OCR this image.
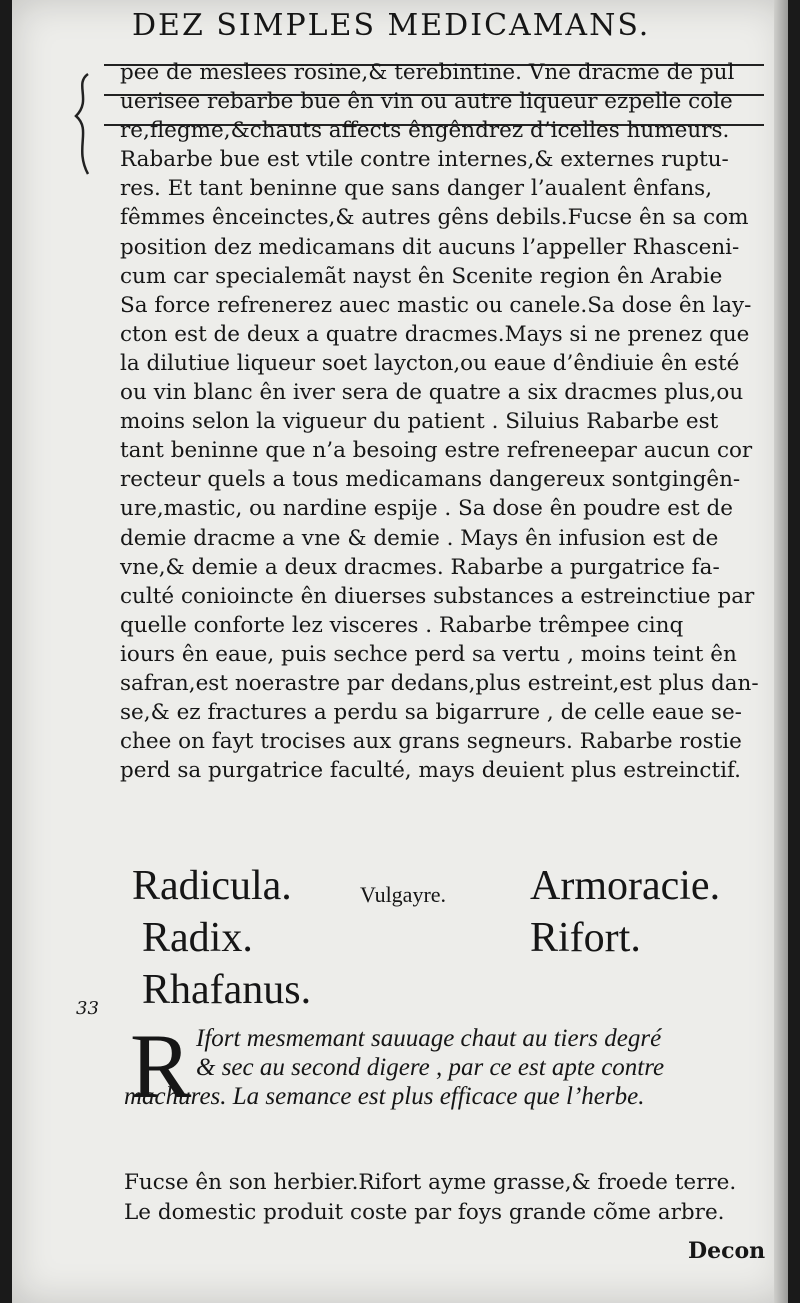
DEZ SIMPLES MEDICAMANS.
pee de meslees rosine,& terebintine. Vne dracme de pul
uerisee rebarbe bue ên vin ou autre liqueur ezpelle cole
re,flegme,&chauts affects êngêndrez d’icelles humeurs.
Rabarbe bue est vtile contre internes,& externes ruptu-
res. Et tant beninne que sans danger l’aualent ênfans,
fêmmes ênceinctes,& autres gêns debils.Fucse ên sa com
position dez medicamans dit aucuns l’appeller Rhasceni-
cum car specialemãt nayst ên Scenite region ên Arabie
Sa force refrenerez auec mastic ou canele.Sa dose ên lay-
cton est de deux a quatre dracmes.Mays si ne prenez que
la dilutiue liqueur soet laycton,ou eaue d’êndiuie ên esté
ou vin blanc ên iver sera de quatre a six dracmes plus,ou
moins selon la vigueur du patient . Siluius Rabarbe est
tant beninne que n’a besoing estre refreneepar aucun cor
recteur quels a tous medicamans dangereux sontgingên-
ure,mastic, ou nardine espije . Sa dose ên poudre est de
demie dracme a vne & demie . Mays ên infusion est de
vne,& demie a deux dracmes. Rabarbe a purgatrice fa-
culté conioincte ên diuerses substances a estreinctiue par
quelle conforte lez visceres . Rabarbe trêmpee cinq
iours ên eaue, puis sechce perd sa vertu , moins teint ên
safran,est noerastre par dedans,plus estreint,est plus dan-
se,& ez fractures a perdu sa bigarrure , de celle eaue se-
chee on fayt trocises aux grans segneurs. Rabarbe rostie
perd sa purgatrice faculté, mays deuient plus estreinctif.
Radicula.	Vulgayre. Armoracie.
Radix.	Rifort.
Rhafanus.
33
R Ifort mesmemant sauuage chaut au tiers degré
& sec au second digere , par ce est apte contre
machures. La semance est plus efficace que l’herbe.
Fucse ên son herbier.Rifort ayme grasse,& froede terre.
Le domestic produit coste par foys grande cõme arbre.
Decon
